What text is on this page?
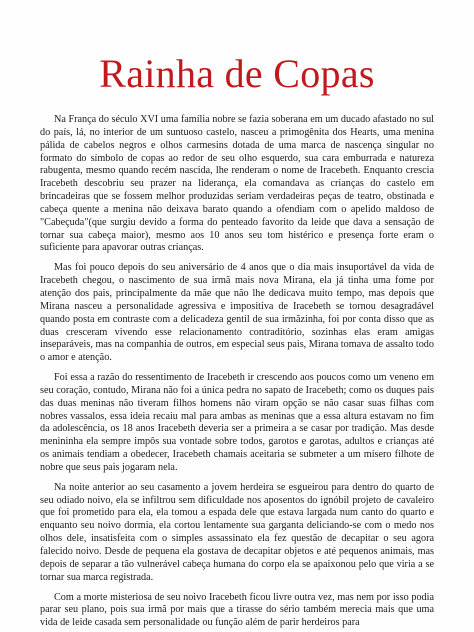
Rainha de Copas

Na França do século XVI uma família nobre se fazia soberana em um ducado afastado no sul do país, lá, no interior de um suntuoso castelo, nasceu a primogênita dos Hearts, uma menina pálida de cabelos negros e olhos carmesins dotada de uma marca de nascença singular no formato do símbolo de copas ao redor de seu olho esquerdo, sua cara emburrada e natureza rabugenta, mesmo quando recém nascida, lhe renderam o nome de Iracebeth. Enquanto crescia Iracebeth descobriu seu prazer na liderança, ela comandava as crianças do castelo em brincadeiras que se fossem melhor produzidas seriam verdadeiras peças de teatro, obstinada e cabeça quente a menina não deixava barato quando a ofendiam com o apelido maldoso de "Cabeçuda"(que surgiu devido a forma do penteado favorito da leide que dava a sensação de tornar sua cabeça maior), mesmo aos 10 anos seu tom histérico e presença forte eram o suficiente para apavorar outras crianças.

Mas foi pouco depois do seu aniversário de 4 anos que o dia mais insuportável da vida de Iracebeth chegou, o nascimento de sua irmã mais nova Mirana, ela já tinha uma fome por atenção dos pais, principalmente da mãe que não lhe dedicava muito tempo, mas depois que Mirana nasceu a personalidade agressiva e impositiva de Iracebeth se tornou desagradável quando posta em contraste com a delicadeza gentil de sua irmãzinha, foi por conta disso que as duas cresceram vivendo esse relacionamento contraditório, sozinhas elas eram amigas inseparáveis, mas na companhia de outros, em especial seus pais, Mirana tomava de assalto todo o amor e atenção.

Foi essa a razão do ressentimento de Iracebeth ir crescendo aos poucos como um veneno em seu coração, contudo, Mirana não foi a única pedra no sapato de Iracebeth; como os duques pais das duas meninas não tiveram filhos homens não viram opção se não casar suas filhas com nobres vassalos, essa ideia recaiu mal para ambas as meninas que a essa altura estavam no fim da adolescência, os 18 anos Iracebeth deveria ser a primeira a se casar por tradição. Mas desde menininha ela sempre impôs sua vontade sobre todos, garotos e garotas, adultos e crianças até os animais tendiam a obedecer, Iracebeth chamais aceitaria se submeter a um mísero filhote de nobre que seus pais jogaram nela.

Na noite anterior ao seu casamento a jovem herdeira se esgueirou para dentro do quarto de seu odiado noivo, ela se infiltrou sem dificuldade nos aposentos do ignóbil projeto de cavaleiro que foi prometido para ela, ela tomou a espada dele que estava largada num canto do quarto e enquanto seu noivo dormia, ela cortou lentamente sua garganta deliciando-se com o medo nos olhos dele, insatisfeita com o simples assassinato ela fez questão de decapitar o seu agora falecido noivo. Desde de pequena ela gostava de decapitar objetos e até pequenos animais, mas depois de separar a tão vulnerável cabeça humana do corpo ela se apaixonou pelo que viria a se tornar sua marca registrada.

Com a morte misteriosa de seu noivo Iracebeth ficou livre outra vez, mas nem por isso podia parar seu plano, pois sua irmã por mais que a tirasse do sério também merecia mais que uma vida de leide casada sem personalidade ou função além de parir herdeiros para
